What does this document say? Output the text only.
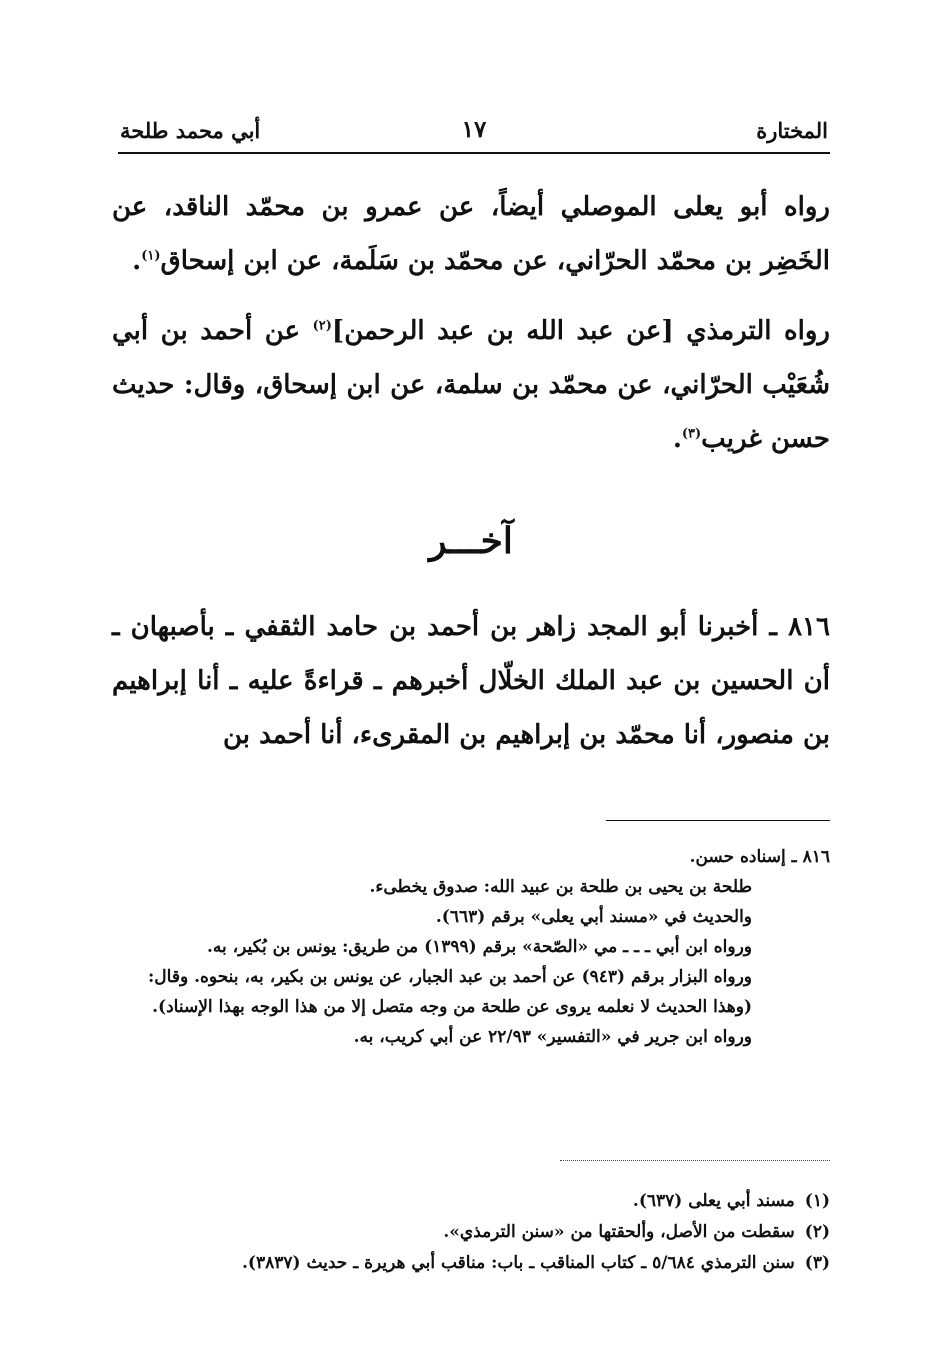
المختارة
١٧
أبي محمد طلحة
رواه أبو يعلى الموصلي أيضاً، عن عمرو بن محمّد الناقد، عن الخَضِر بن محمّد الحرّاني، عن محمّد بن سَلَمة، عن ابن إسحاق$^{(١)}$.
رواه الترمذي [عن عبد الله بن عبد الرحمن]$^{(٢)}$ عن أحمد بن أبي شُعَيْب الحرّاني، عن محمّد بن سلمة، عن ابن إسحاق، وقال: حديث حسن غريب$^{(٣)}$.
آخـــر
٨١٦ ـ أخبرنا أبو المجد زاهر بن أحمد بن حامد الثقفي ـ بأصبهان ـ أن الحسين بن عبد الملك الخلّال أخبرهم ـ قراءةً عليه ـ أنا إبراهيم بن منصور، أنا محمّد بن إبراهيم بن المقرىء، أنا أحمد بن
٨١٦ ـ إسناده حسن.
طلحة بن يحيى بن طلحة بن عبيد الله: صدوق يخطىء.
والحديث في «مسند أبي يعلى» برقم (٦٦٣).
ورواه ابن أبي ـ ـ ـ مي «الصّحة» برقم (١٣٩٩) من طريق: يونس بن بُكير، به.
ورواه البزار برقم (٩٤٣) عن أحمد بن عبد الجبار، عن يونس بن بكير، به، بنحوه. وقال: (وهذا الحديث لا نعلمه يروى عن طلحة من وجه متصل إلا من هذا الوجه بهذا الإسناد).
ورواه ابن جرير في «التفسير» ٢٢/٩٣ عن أبي كريب، به.
(١)مسند أبي يعلى (٦٣٧).
(٢)سقطت من الأصل، وألحقتها من «سنن الترمذي».
(٣)سنن الترمذي ٥/٦٨٤ ـ كتاب المناقب ـ باب: مناقب أبي هريرة ـ حديث (٣٨٣٧).
